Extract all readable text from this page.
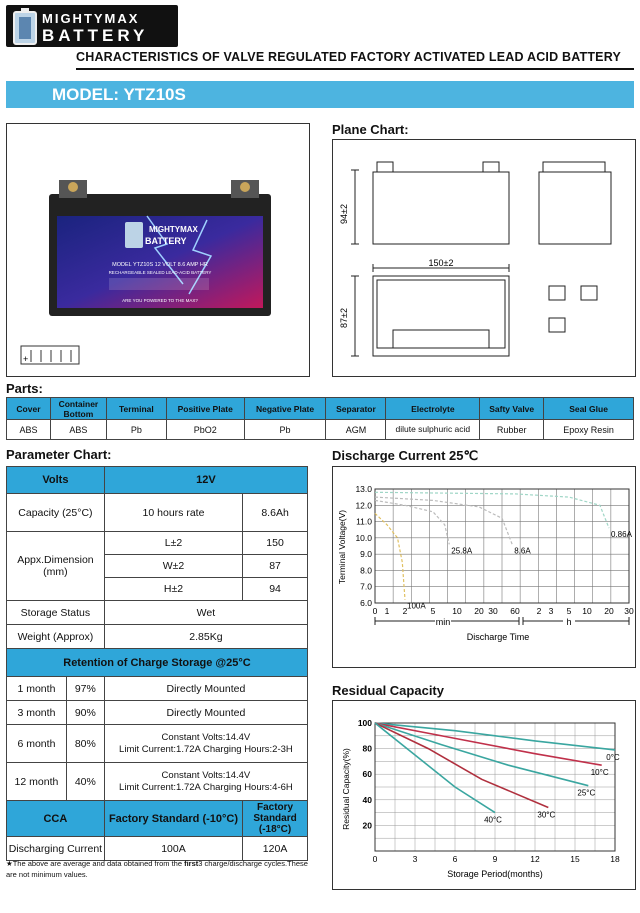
MIGHTYMAX
BATTERY
CHARACTERISTICS OF VALVE REGULATED FACTORY ACTIVATED LEAD ACID BATTERY
MODEL: YTZ10S
MIGHTYMAX
BATTERY
MODEL YTZ10S 12 VOLT 8.6 AMP HR
RECHARGEABLE SEALED LEAD-ACID BATTERY
ARE YOU POWERED TO THE MAX?
+
Plane Chart:
94±2
150±2
87±2
Parts:
Cover	Container Bottom	Terminal	Positive Plate	Negative Plate	Separator	Electrolyte	Safty Valve	Seal Glue
ABS	ABS	Pb	PbO2	Pb	AGM	dilute sulphuric acid	Rubber	Epoxy Resin
Parameter Chart:
Volts		12V	
Capacity (25°C)		10 hours rate	8.6Ah
Appx.Dimension (mm)		L±2	150
		W±2	87
		H±2	94
Storage Status		Wet	
Weight (Approx)		2.85Kg	
Retention of Charge Storage @25°C			
1 month	97%	Directly Mounted	
3 month	90%	Directly Mounted	
6 month	80%	Constant Volts:14.4V
Limit Current:1.72A Charging Hours:2-3H	

12 month	40%	Constant Volts:14.4V
Limit Current:1.72A Charging Hours:4-6H	

CCA		Factory Standard (-10°C)	Factory Standard (-18°C)
Discharging Current		100A	120A
★The above are average and data obtained from the first3 charge/discharge cycles.These are not minimum values.
Discharge Current 25℃
Terminal Voltage(V)
Discharge Time
min	h
13.0
12.0
11.0
10.0
9.0
8.0
7.0
6.0
0 1 2	5 10 20 30 60 2 3 5 10 20 30
100A
25.8A	8.6A
0.86A
Residual Capacity
Residual Capacity(%)
Storage Period(months)
100
80
60
40
20
0	3	6	9	12	15	18
0°C
10°C
25°C
30°C
40°C
